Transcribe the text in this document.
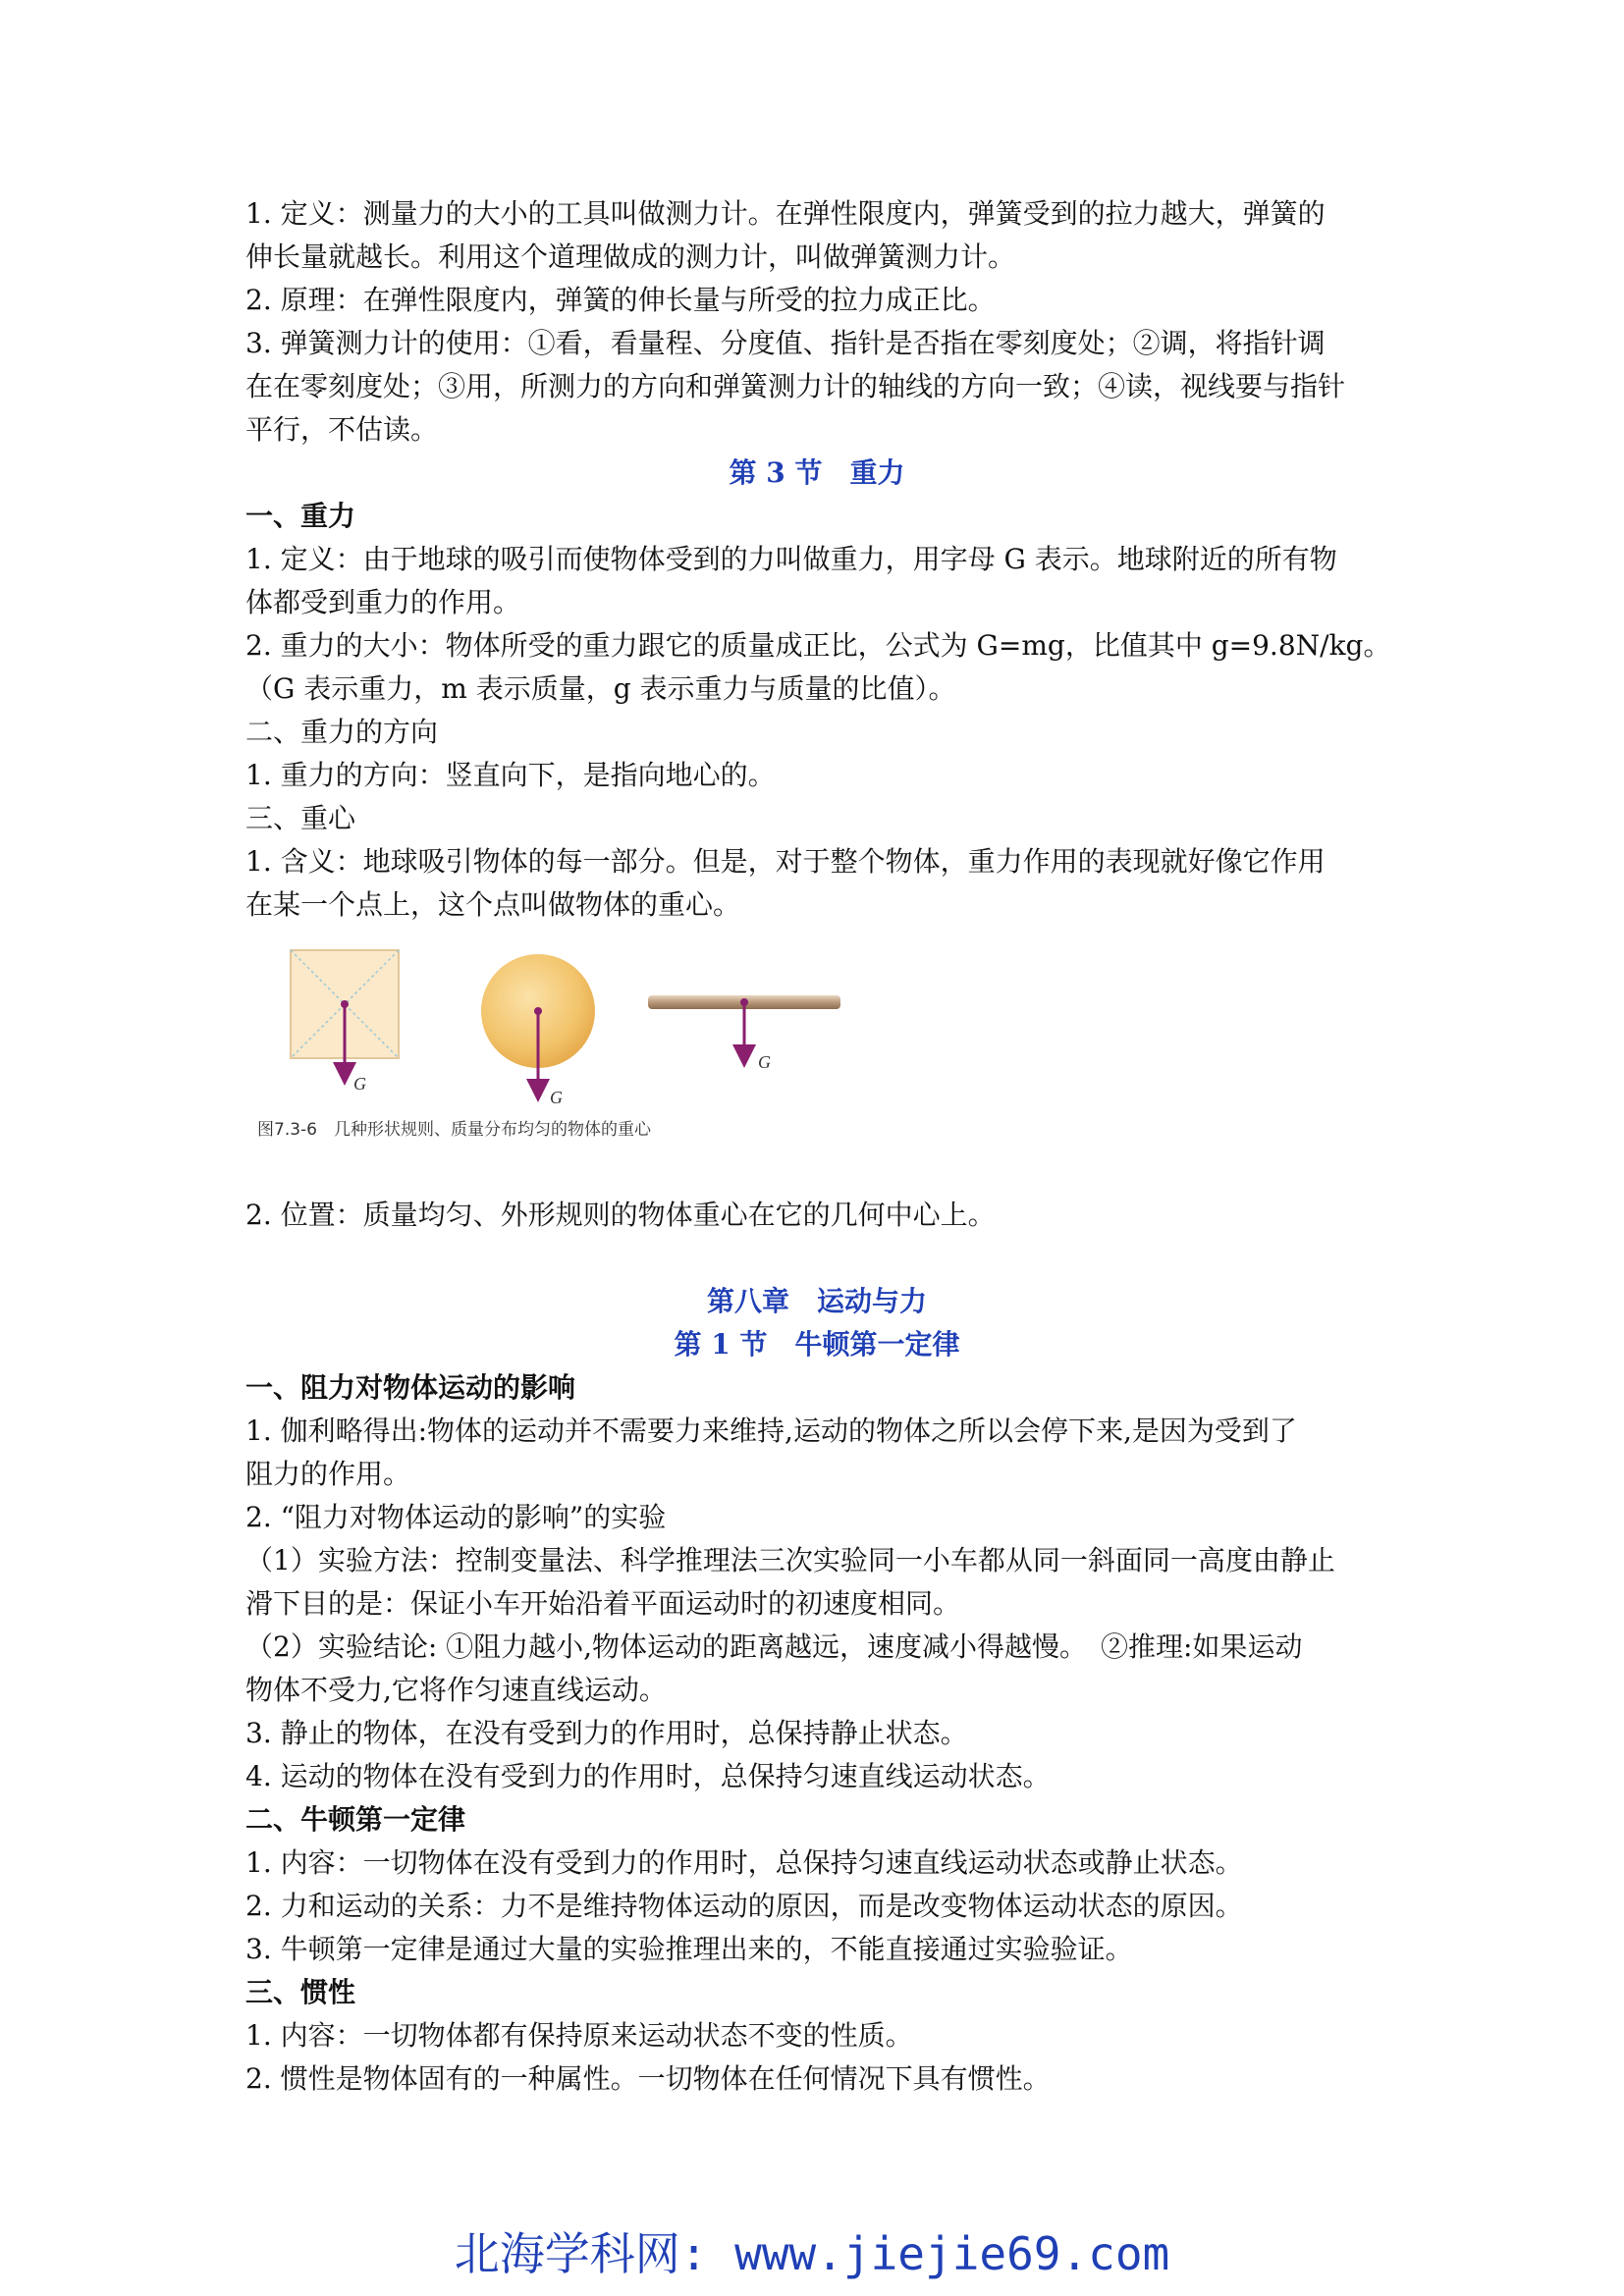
1. 定义：测量力的大小的工具叫做测力计。在弹性限度内，弹簧受到的拉力越大，弹簧的

伸长量就越长。利用这个道理做成的测力计，叫做弹簧测力计。

2. 原理：在弹性限度内，弹簧的伸长量与所受的拉力成正比。

3. 弹簧测力计的使用：①看，看量程、分度值、指针是否指在零刻度处；②调，将指针调

在在零刻度处；③用，所测力的方向和弹簧测力计的轴线的方向一致；④读，视线要与指针

平行，不估读。

第 3 节　重力

一、重力

1. 定义：由于地球的吸引而使物体受到的力叫做重力，用字母 G 表示。地球附近的所有物

体都受到重力的作用。

2. 重力的大小：物体所受的重力跟它的质量成正比，公式为 G=mg，比值其中 g=9.8N/kg。

（G 表示重力，m 表示质量，g 表示重力与质量的比值）。

二、重力的方向

1. 重力的方向：竖直向下，是指向地心的。

三、重心

1. 含义：地球吸引物体的每一部分。但是，对于整个物体，重力作用的表现就好像它作用

在某一个点上，这个点叫做物体的重心。

G
G
G
图7.3-6　几种形状规则、质量分布均匀的物体的重心

2. 位置：质量均匀、外形规则的物体重心在它的几何中心上。

第八章　运动与力

第 1 节　牛顿第一定律

一、阻力对物体运动的影响

1. 伽利略得出:物体的运动并不需要力来维持,运动的物体之所以会停下来,是因为受到了

阻力的作用。

2. “阻力对物体运动的影响”的实验

（1）实验方法：控制变量法、科学推理法三次实验同一小车都从同一斜面同一高度由静止

滑下目的是：保证小车开始沿着平面运动时的初速度相同。

（2）实验结论: ①阻力越小,物体运动的距离越远，速度减小得越慢。　②推理:如果运动

物体不受力,它将作匀速直线运动。

3. 静止的物体，在没有受到力的作用时，总保持静止状态。

4. 运动的物体在没有受到力的作用时，总保持匀速直线运动状态。

二、牛顿第一定律

1. 内容：一切物体在没有受到力的作用时，总保持匀速直线运动状态或静止状态。

2. 力和运动的关系：力不是维持物体运动的原因，而是改变物体运动状态的原因。

3. 牛顿第一定律是通过大量的实验推理出来的，不能直接通过实验验证。

三、惯性

1. 内容：一切物体都有保持原来运动状态不变的性质。

2. 惯性是物体固有的一种属性。一切物体在任何情况下具有惯性。

北海学科网: www.jiejie69.com
